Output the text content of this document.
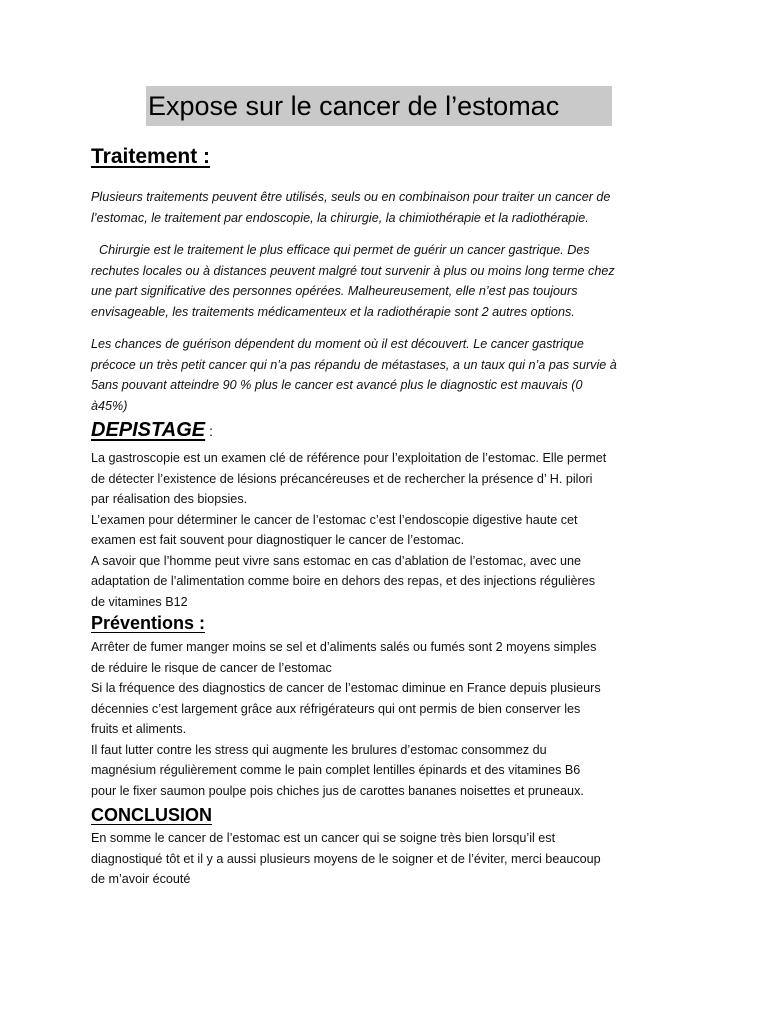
Expose sur le cancer de l’estomac
Traitement :

Plusieurs traitements peuvent être utilisés, seuls ou en combinaison pour traiter un cancer de
l’estomac, le traitement par endoscopie, la chirurgie, la chimiothérapie et la radiothérapie.

Chirurgie est le traitement le plus efficace qui permet de guérir un cancer gastrique. Des
rechutes locales ou à distances peuvent malgré tout survenir à plus ou moins long terme chez
une part significative des personnes opérées. Malheureusement, elle n’est pas toujours
envisageable, les traitements médicamenteux et la radiothérapie sont 2 autres options.

Les chances de guérison dépendent du moment où il est découvert. Le cancer gastrique
précoce un très petit cancer qui n’a pas répandu de métastases, a un taux qui n’a pas survie à
5ans pouvant atteindre 90 % plus le cancer est avancé plus le diagnostic est mauvais (0
à45%)

DEPISTAGE :

La gastroscopie est un examen clé de référence pour l’exploitation de l’estomac. Elle permet
de détecter l’existence de lésions précancéreuses et de rechercher la présence d’ H. pilori
par réalisation des biopsies.
L’examen pour déterminer le cancer de l’estomac c’est l’endoscopie digestive haute cet
examen est fait souvent pour diagnostiquer le cancer de l’estomac.
A savoir que l’homme peut vivre sans estomac en cas d’ablation de l’estomac, avec une
adaptation de l’alimentation comme boire en dehors des repas, et des injections régulières
de vitamines B12

Préventions :

Arrêter de fumer manger moins se sel et d’aliments salés ou fumés sont 2 moyens simples
de réduire le risque de cancer de l’estomac
Si la fréquence des diagnostics de cancer de l’estomac diminue en France depuis plusieurs
décennies c’est largement grâce aux réfrigérateurs qui ont permis de bien conserver les
fruits et aliments.
Il faut lutter contre les stress qui augmente les brulures d’estomac consommez du
magnésium régulièrement comme le pain complet lentilles épinards et des vitamines B6
pour le fixer saumon poulpe pois chiches jus de carottes bananes noisettes et pruneaux.

CONCLUSION

En somme le cancer de l’estomac est un cancer qui se soigne très bien lorsqu’il est
diagnostiqué tôt et il y a aussi plusieurs moyens de le soigner et de l’éviter, merci beaucoup
de m’avoir écouté
